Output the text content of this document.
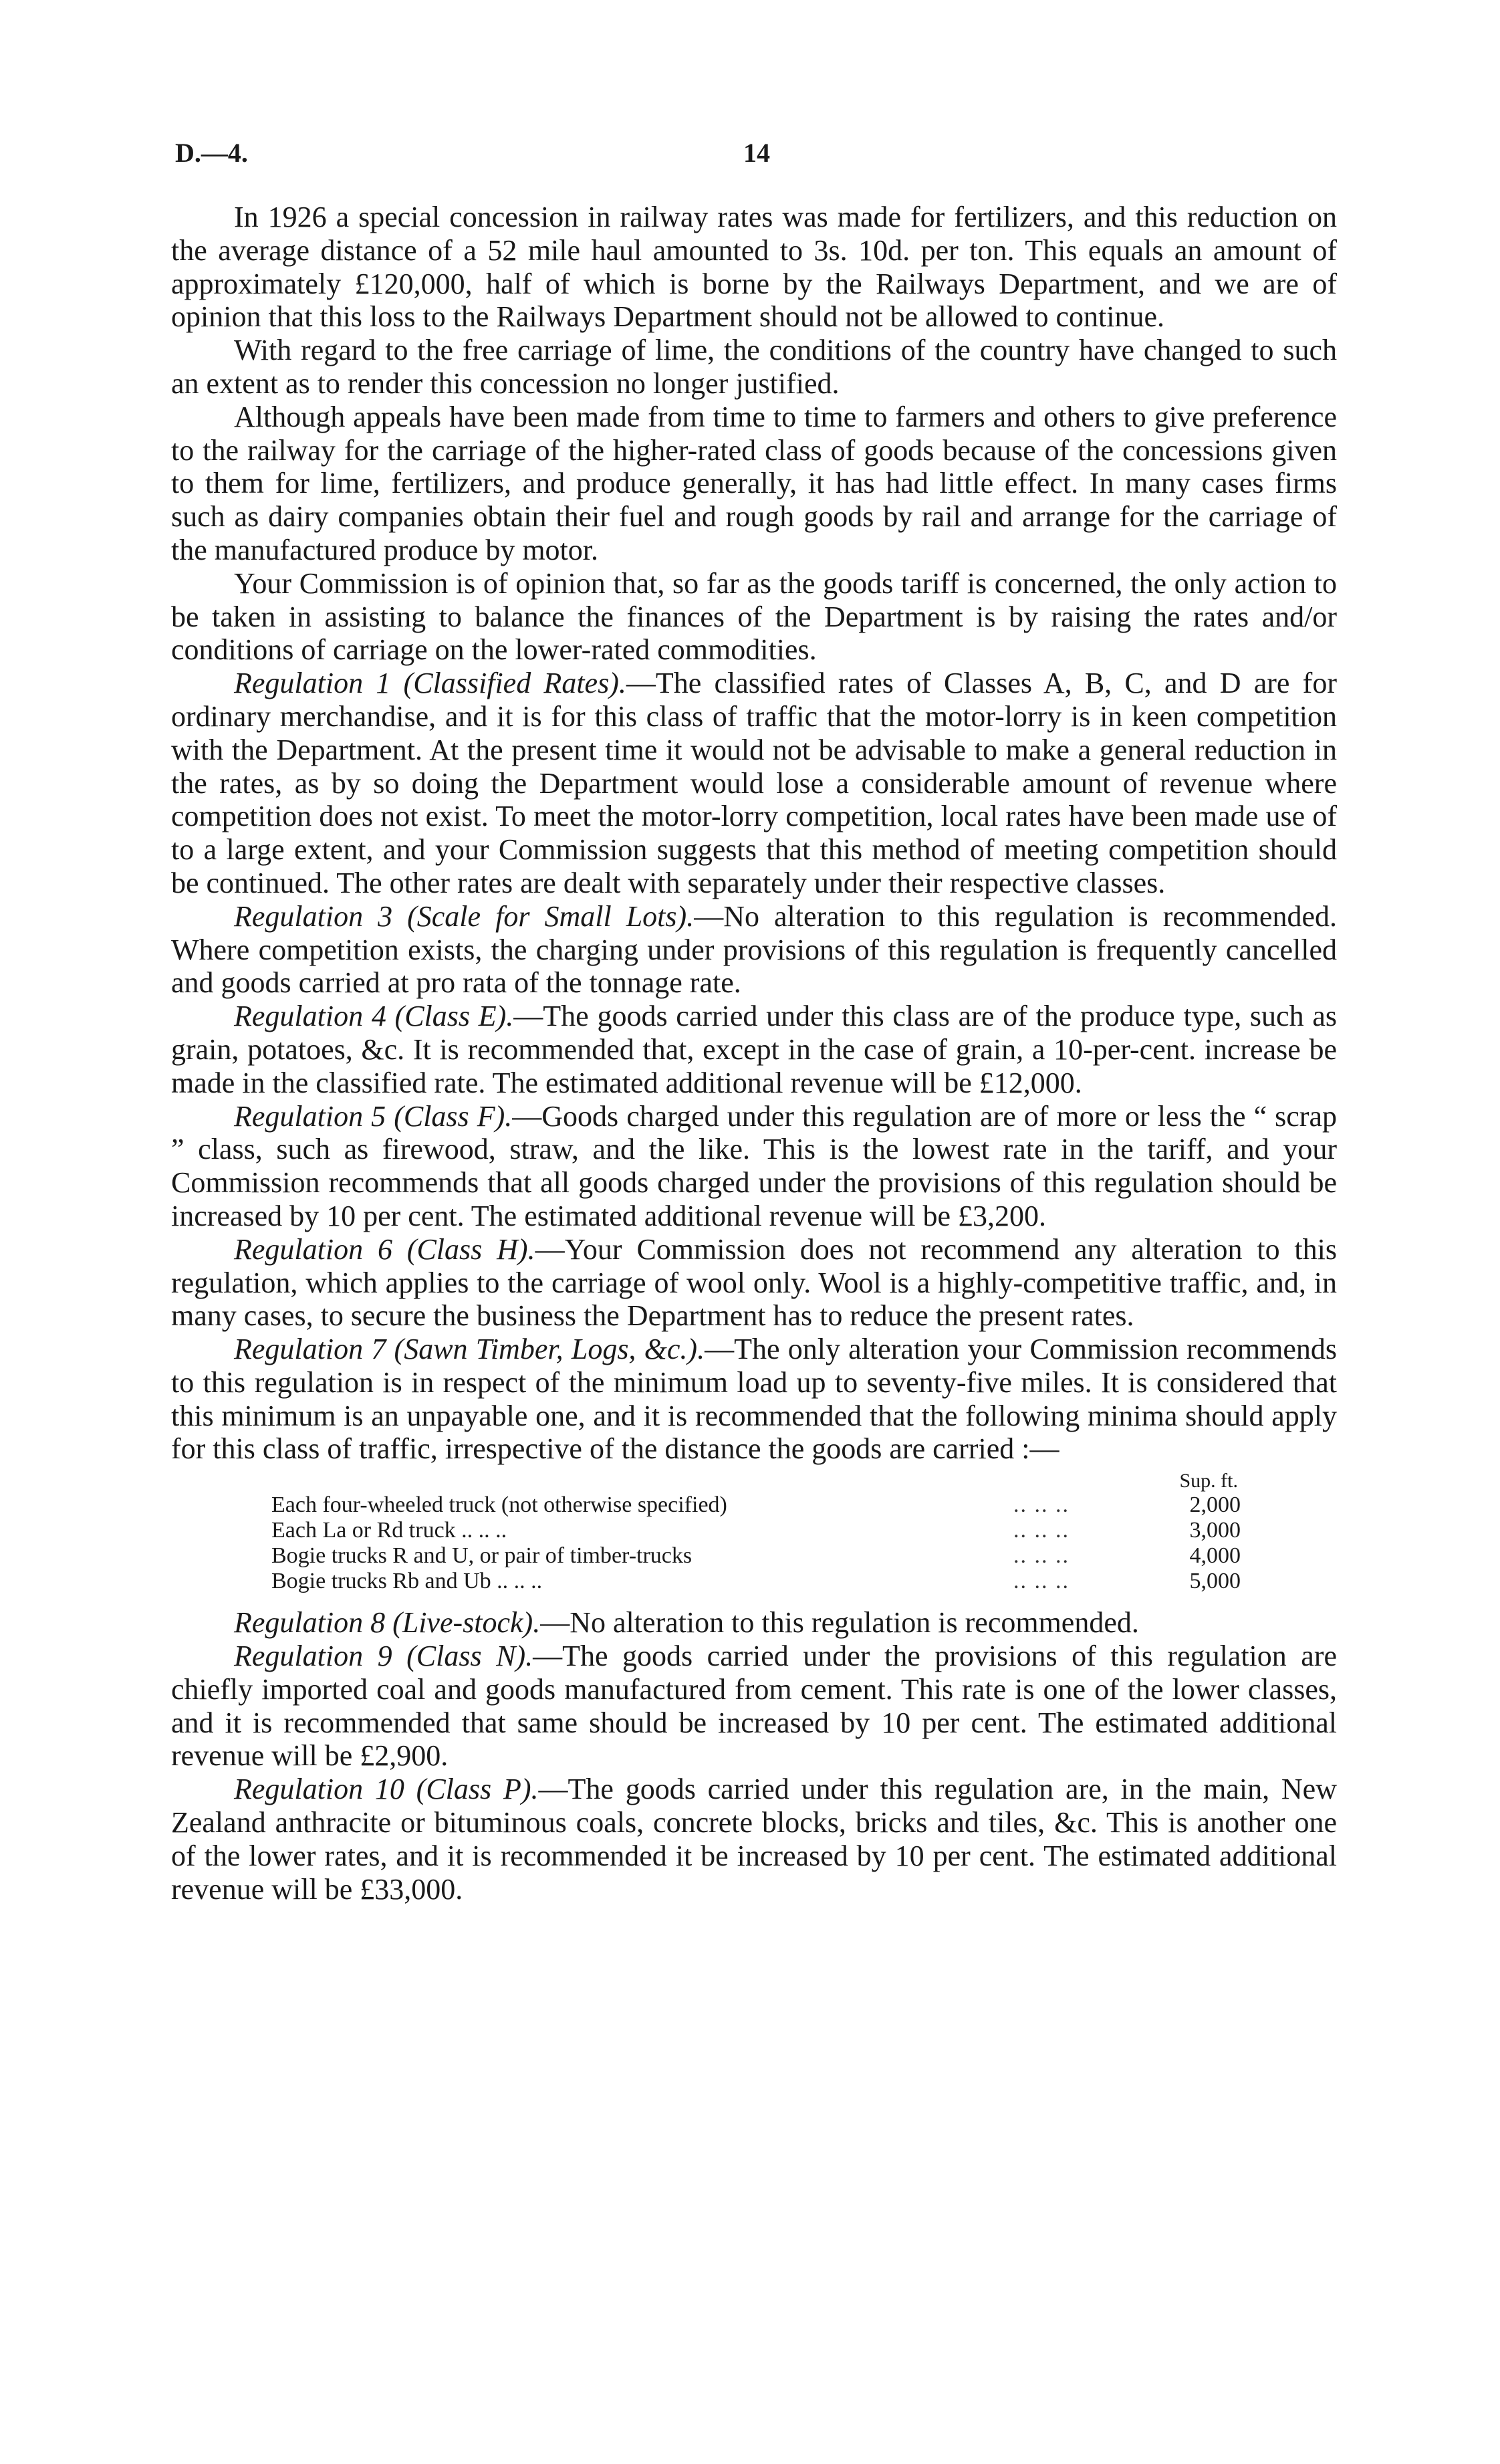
D.—4.	14

In 1926 a special concession in railway rates was made for fertilizers, and this reduction on the average distance of a 52 mile haul amounted to 3s. 10d. per ton. This equals an amount of approximately £120,000, half of which is borne by the Railways Department, and we are of opinion that this loss to the Railways Department should not be allowed to continue.

With regard to the free carriage of lime, the conditions of the country have changed to such an extent as to render this concession no longer justified.

Although appeals have been made from time to time to farmers and others to give preference to the railway for the carriage of the higher-rated class of goods because of the concessions given to them for lime, fertilizers, and produce generally, it has had little effect. In many cases firms such as dairy companies obtain their fuel and rough goods by rail and arrange for the carriage of the manufactured produce by motor.

Your Commission is of opinion that, so far as the goods tariff is concerned, the only action to be taken in assisting to balance the finances of the Department is by raising the rates and/or conditions of carriage on the lower-rated commodities.

Regulation 1 (Classified Rates).—The classified rates of Classes A, B, C, and D are for ordinary merchandise, and it is for this class of traffic that the motor-lorry is in keen competition with the Department. At the present time it would not be advisable to make a general reduction in the rates, as by so doing the Department would lose a considerable amount of revenue where competition does not exist. To meet the motor-lorry competition, local rates have been made use of to a large extent, and your Commission suggests that this method of meeting competition should be continued. The other rates are dealt with separately under their respective classes.

Regulation 3 (Scale for Small Lots).—No alteration to this regulation is recommended. Where competition exists, the charging under provisions of this regulation is frequently cancelled and goods carried at pro rata of the tonnage rate.

Regulation 4 (Class E).—The goods carried under this class are of the produce type, such as grain, potatoes, &c. It is recommended that, except in the case of grain, a 10-per-cent. increase be made in the classified rate. The estimated additional revenue will be £12,000.

Regulation 5 (Class F).—Goods charged under this regulation are of more or less the “ scrap ” class, such as firewood, straw, and the like. This is the lowest rate in the tariff, and your Commission recommends that all goods charged under the provisions of this regulation should be increased by 10 per cent. The estimated additional revenue will be £3,200.

Regulation 6 (Class H).—Your Commission does not recommend any alteration to this regulation, which applies to the carriage of wool only. Wool is a highly-competitive traffic, and, in many cases, to secure the business the Department has to reduce the present rates.

Regulation 7 (Sawn Timber, Logs, &c.).—The only alteration your Commission recommends to this regulation is in respect of the minimum load up to seventy-five miles. It is considered that this minimum is an unpayable one, and it is recommended that the following minima should apply for this class of traffic, irrespective of the distance the goods are carried :—

Sup. ft.
Each four-wheeled truck (not otherwise specified)	.. .. ..	2,000
Each La or Rd truck .. .. ..	.. .. ..	3,000
Bogie trucks R and U, or pair of timber-trucks	.. .. ..	4,000
Bogie trucks Rb and Ub .. .. ..	.. .. ..	5,000

Regulation 8 (Live-stock).—No alteration to this regulation is recommended.

Regulation 9 (Class N).—The goods carried under the provisions of this regulation are chiefly imported coal and goods manufactured from cement. This rate is one of the lower classes, and it is recommended that same should be increased by 10 per cent. The estimated additional revenue will be £2,900.

Regulation 10 (Class P).—The goods carried under this regulation are, in the main, New Zealand anthracite or bituminous coals, concrete blocks, bricks and tiles, &c. This is another one of the lower rates, and it is recommended it be increased by 10 per cent. The estimated additional revenue will be £33,000.
